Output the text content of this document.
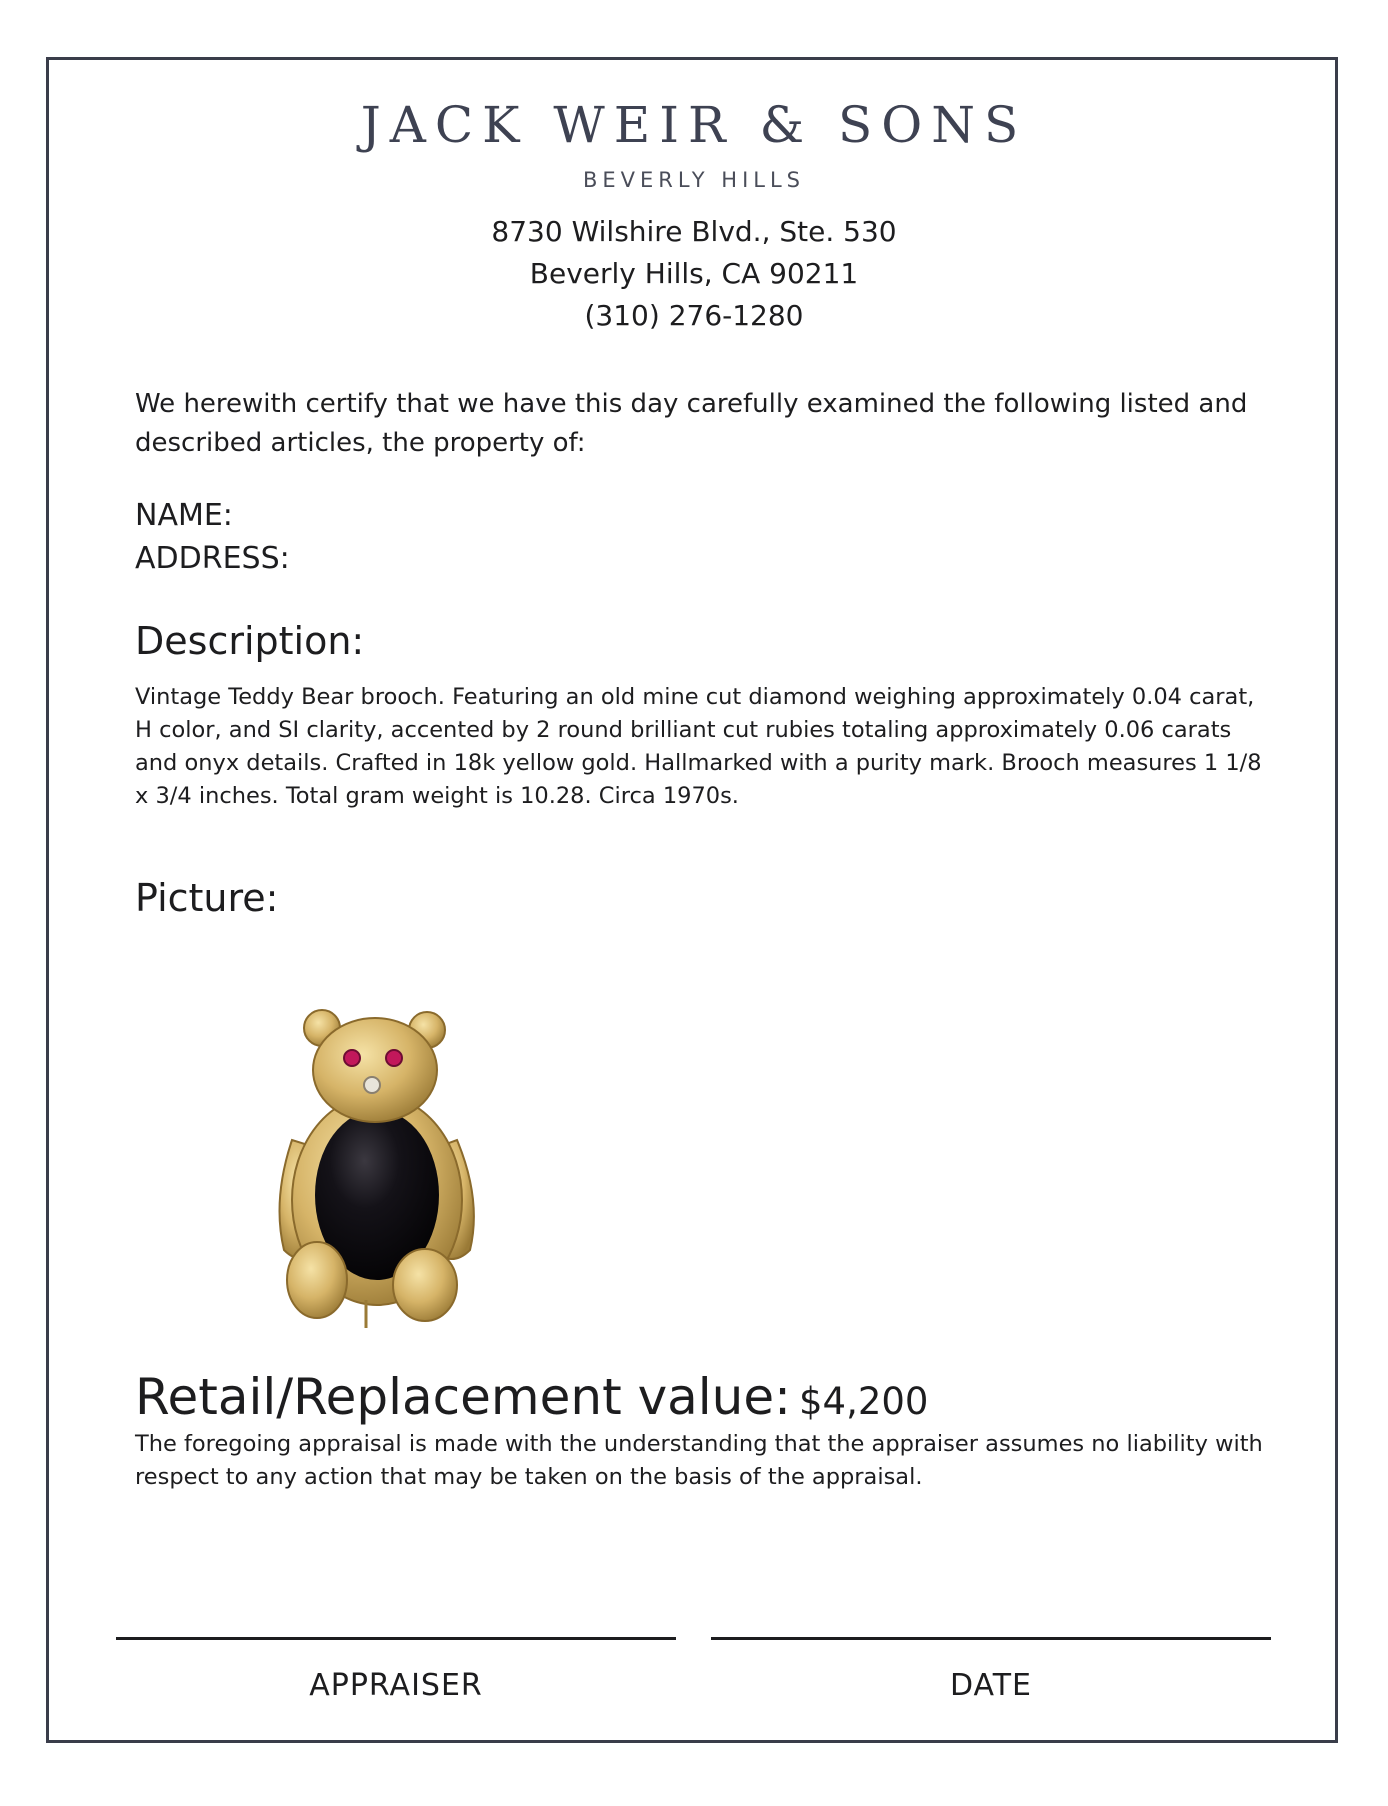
JACK WEIR & SONS
BEVERLY HILLS
8730 Wilshire Blvd., Ste. 530
Beverly Hills, CA 90211
(310) 276-1280
We herewith certify that we have this day carefully examined the following listed and described articles, the property of:
NAME:
ADDRESS:
Description:
Vintage Teddy Bear brooch. Featuring an old mine cut diamond weighing approximately 0.04 carat, H color, and SI clarity, accented by 2 round brilliant cut rubies totaling approximately 0.06 carats and onyx details. Crafted in 18k yellow gold. Hallmarked with a purity mark. Brooch measures 1 1/8 x 3/4 inches. Total gram weight is 10.28. Circa 1970s.
Picture:
Retail/Replacement value: $4,200
The foregoing appraisal is made with the understanding that the appraiser assumes no liability with respect to any action that may be taken on the basis of the appraisal.
APPRAISER	DATE
